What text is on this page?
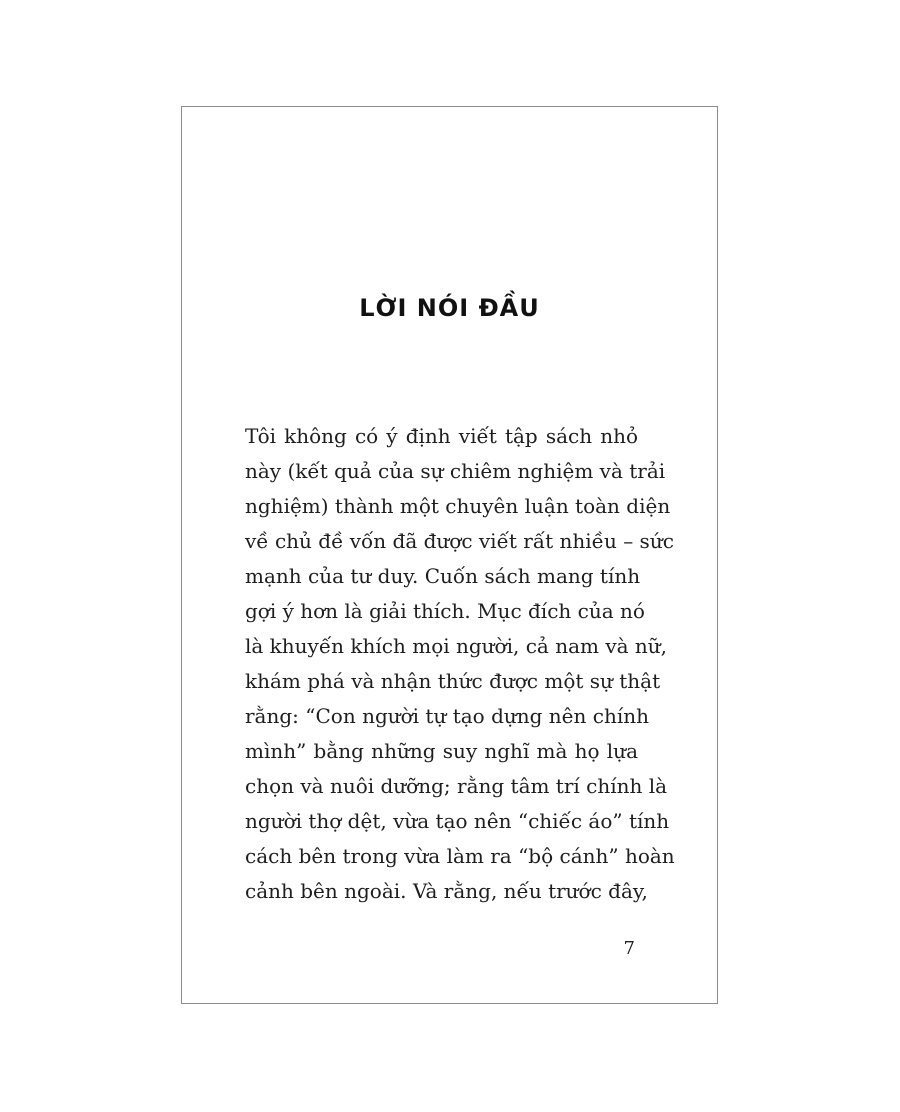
LỜI NÓI ĐẦU
Tôi không có ý định viết tập sách nhỏ
này (kết quả của sự chiêm nghiệm và trải
nghiệm) thành một chuyên luận toàn diện
về chủ đề vốn đã được viết rất nhiều – sức
mạnh của tư duy. Cuốn sách mang tính
gợi ý hơn là giải thích. Mục đích của nó
là khuyến khích mọi người, cả nam và nữ,
khám phá và nhận thức được một sự thật
rằng: “Con người tự tạo dựng nên chính
mình” bằng những suy nghĩ mà họ lựa
chọn và nuôi dưỡng; rằng tâm trí chính là
người thợ dệt, vừa tạo nên “chiếc áo” tính
cách bên trong vừa làm ra “bộ cánh” hoàn
cảnh bên ngoài. Và rằng, nếu trước đây,
7
